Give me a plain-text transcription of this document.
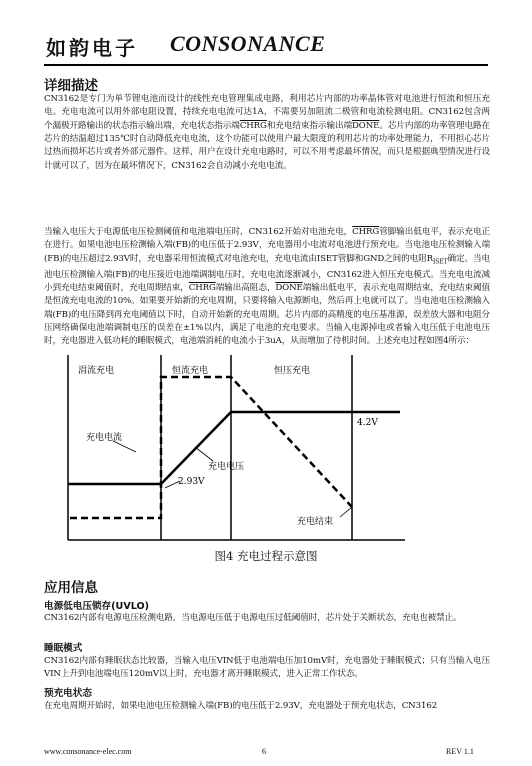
如韵电子 CONSONANCE
详细描述
CN3162是专门为单节锂电池而设计的线性充电管理集成电路，利用芯片内部的功率晶体管对电池进行恒流和恒压充电。充电电流可以用外部电阻设置，持续充电电流可达1A，不需要另加阻流二极管和电流检测电阻。CN3162包含两个漏极开路输出的状态指示输出端，充电状态指示端CHRG和充电结束指示输出端DONE。芯片内部的功率管理电路在芯片的结温超过135℃时自动降低充电电流，这个功能可以使用户最大限度的利用芯片的功率处理能力，不用担心芯片过热而损坏芯片或者外部元器件。这样，用户在设计充电电路时，可以不用考虑最坏情况，而只是根据典型情况进行设计就可以了，因为在最坏情况下，CN3162会自动减小充电电流。
当输入电压大于电源低电压检测阈值和电池端电压时，CN3162开始对电池充电，CHRG管脚输出低电平，表示充电正在进行。如果电池电压检测输入端(FB)的电压低于2.93V，充电器用小电流对电池进行预充电。当电池电压检测输入端(FB)的电压超过2.93V时，充电器采用恒流模式对电池充电，充电电流由ISET管脚和GND之间的电阻$R_{ISET}$确定。当电池电压检测输入端(FB)的电压接近电池端调制电压时，充电电流逐渐减小，CN3162进入恒压充电模式。当充电电流减小到充电结束阈值时，充电周期结束，CHRG端输出高阻态，DONE端输出低电平，表示充电周期结束，充电结束阈值是恒流充电电流的10%。如果要开始新的充电周期，只要将输入电源断电，然后再上电就可以了。当电池电压检测输入端(FB)的电压降到再充电阈值以下时，自动开始新的充电周期。芯片内部的高精度的电压基准源，误差放大器和电阻分压网络确保电池端调制电压的误差在±1%以内，满足了电池的充电要求。当输入电源掉电或者输入电压低于电池电压时，充电器进入低功耗的睡眠模式，电池端消耗的电流小于3uA，从而增加了待机时间。上述充电过程如图4所示：
涓流充电	恒流充电	恒压充电
充电电流
充电电压
2.93V
4.2V
充电结束
图4 充电过程示意图
应用信息
电源低电压锁存(UVLO)
CN3162内部有电源电压检测电路，当电源电压低于电源电压过低阈值时，芯片处于关断状态，充电也被禁止。
睡眠模式
CN3162内部有睡眠状态比较器，当输入电压VIN低于电池端电压加10mV时，充电器处于睡眠模式；只有当输入电压VIN上升到电池端电压120mV以上时，充电器才离开睡眠模式，进入正常工作状态。
预充电状态
在充电周期开始时，如果电池电压检测输入端(FB)的电压低于2.93V，充电器处于预充电状态，CN3162
www.consonance-elec.com	6	REV 1.1
